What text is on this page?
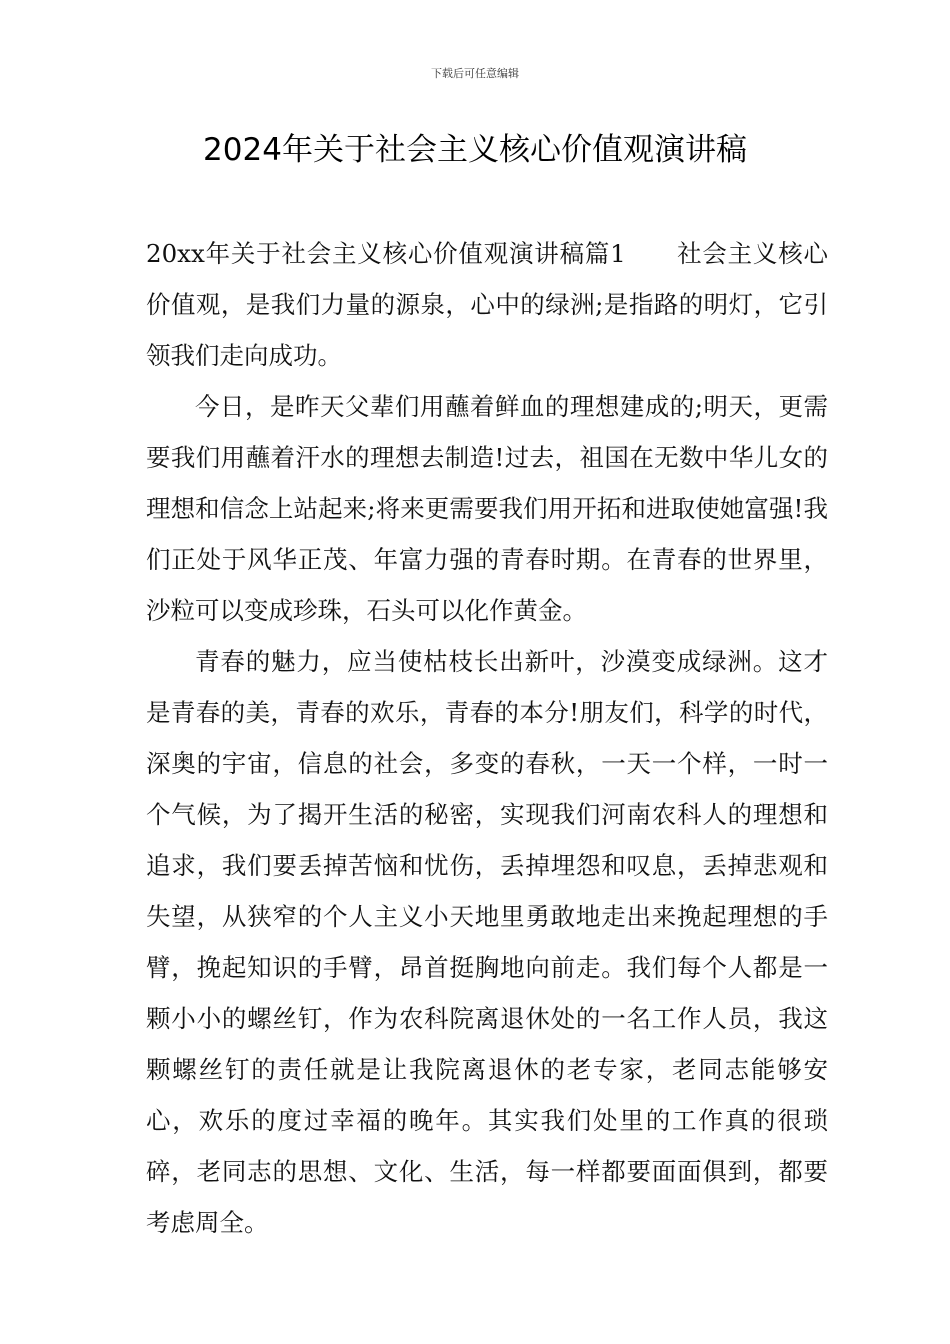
下载后可任意编辑
2024年关于社会主义核心价值观演讲稿

20xx年关于社会主义核心价值观演讲稿篇1　　社会主义核心价值观，是我们力量的源泉，心中的绿洲;是指路的明灯，它引领我们走向成功。

今日，是昨天父辈们用蘸着鲜血的理想建成的;明天，更需要我们用蘸着汗水的理想去制造!过去，祖国在无数中华儿女的理想和信念上站起来;将来更需要我们用开拓和进取使她富强!我们正处于风华正茂、年富力强的青春时期。在青春的世界里，沙粒可以变成珍珠，石头可以化作黄金。

青春的魅力，应当使枯枝长出新叶，沙漠变成绿洲。这才是青春的美，青春的欢乐，青春的本分!朋友们，科学的时代，深奥的宇宙，信息的社会，多变的春秋，一天一个样，一时一个气候，为了揭开生活的秘密，实现我们河南农科人的理想和追求，我们要丢掉苦恼和忧伤，丢掉埋怨和叹息，丢掉悲观和失望，从狭窄的个人主义小天地里勇敢地走出来挽起理想的手臂，挽起知识的手臂，昂首挺胸地向前走。我们每个人都是一颗小小的螺丝钉，作为农科院离退休处的一名工作人员，我这颗螺丝钉的责任就是让我院离退休的老专家，老同志能够安心，欢乐的度过幸福的晚年。其实我们处里的工作真的很琐碎，老同志的思想、文化、生活，每一样都要面面俱到，都要考虑周全。
